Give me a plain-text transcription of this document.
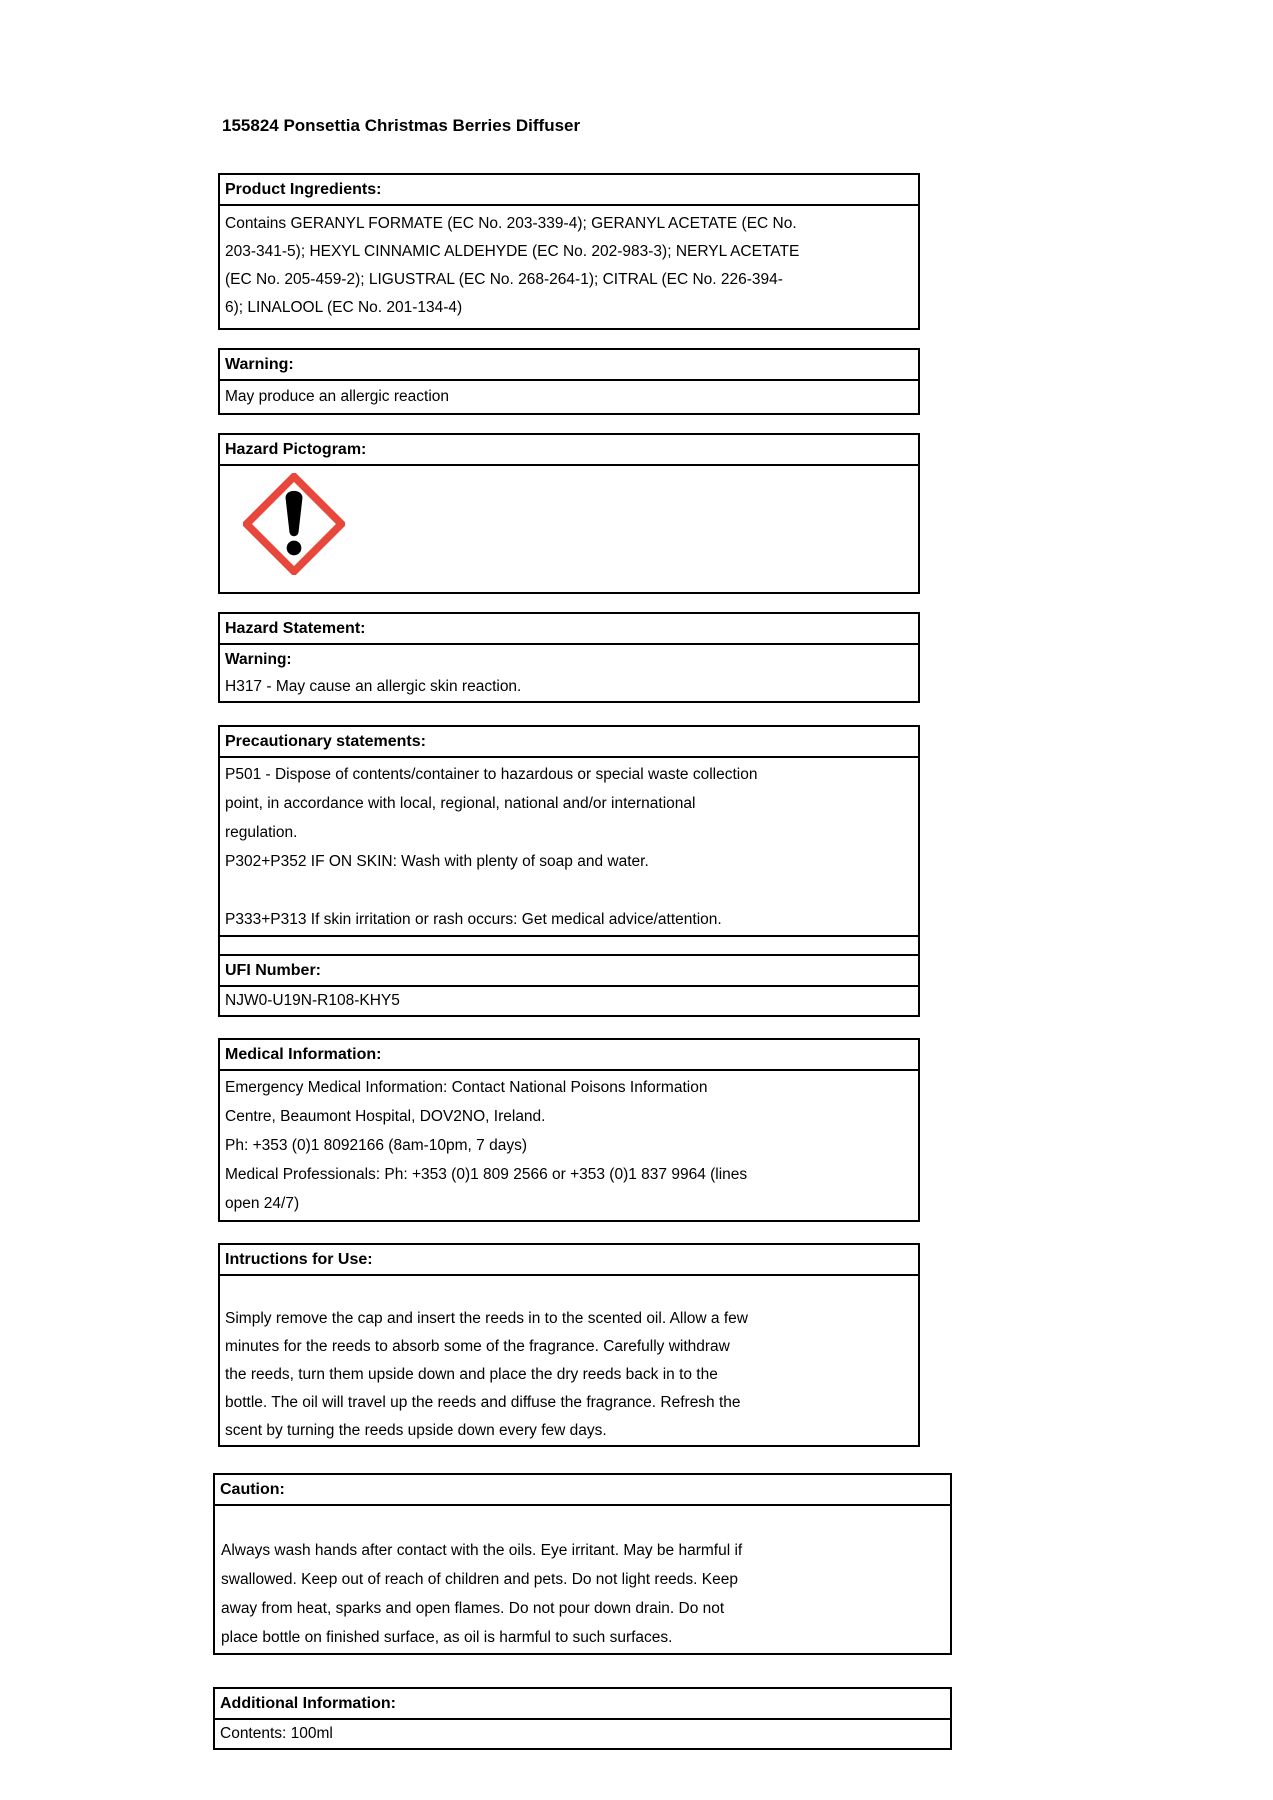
155824 Ponsettia Christmas Berries Diffuser
Product Ingredients:
Contains GERANYL FORMATE (EC No. 203-339-4); GERANYL ACETATE (EC No.
203-341-5); HEXYL CINNAMIC ALDEHYDE (EC No. 202-983-3); NERYL ACETATE
(EC No. 205-459-2); LIGUSTRAL (EC No. 268-264-1); CITRAL (EC No. 226-394-
6); LINALOOL (EC No. 201-134-4)
Warning:
May produce an allergic reaction
Hazard Pictogram:
Hazard Statement:
Warning:
H317 - May cause an allergic skin reaction.
Precautionary statements:
P501 - Dispose of contents/container to hazardous or special waste collection
point, in accordance with local, regional, national and/or international
regulation.
P302+P352 IF ON SKIN: Wash with plenty of soap and water.

P333+P313 If skin irritation or rash occurs: Get medical advice/attention.
UFI Number:
NJW0-U19N-R108-KHY5
Medical Information:
Emergency Medical Information: Contact National Poisons Information
Centre, Beaumont Hospital, DOV2NO, Ireland.
Ph: +353 (0)1 8092166 (8am-10pm, 7 days)
Medical Professionals: Ph: +353 (0)1 809 2566 or +353 (0)1 837 9964 (lines
open 24/7)
Intructions for Use:

Simply remove the cap and insert the reeds in to the scented oil. Allow a few
minutes for the reeds to absorb some of the fragrance. Carefully withdraw
the reeds, turn them upside down and place the dry reeds back in to the
bottle. The oil will travel up the reeds and diffuse the fragrance. Refresh the
scent by turning the reeds upside down every few days.
Caution:

Always wash hands after contact with the oils. Eye irritant. May be harmful if
swallowed. Keep out of reach of children and pets. Do not light reeds. Keep
away from heat, sparks and open flames. Do not pour down drain. Do not
place bottle on finished surface, as oil is harmful to such surfaces.
Additional Information:
Contents: 100ml
